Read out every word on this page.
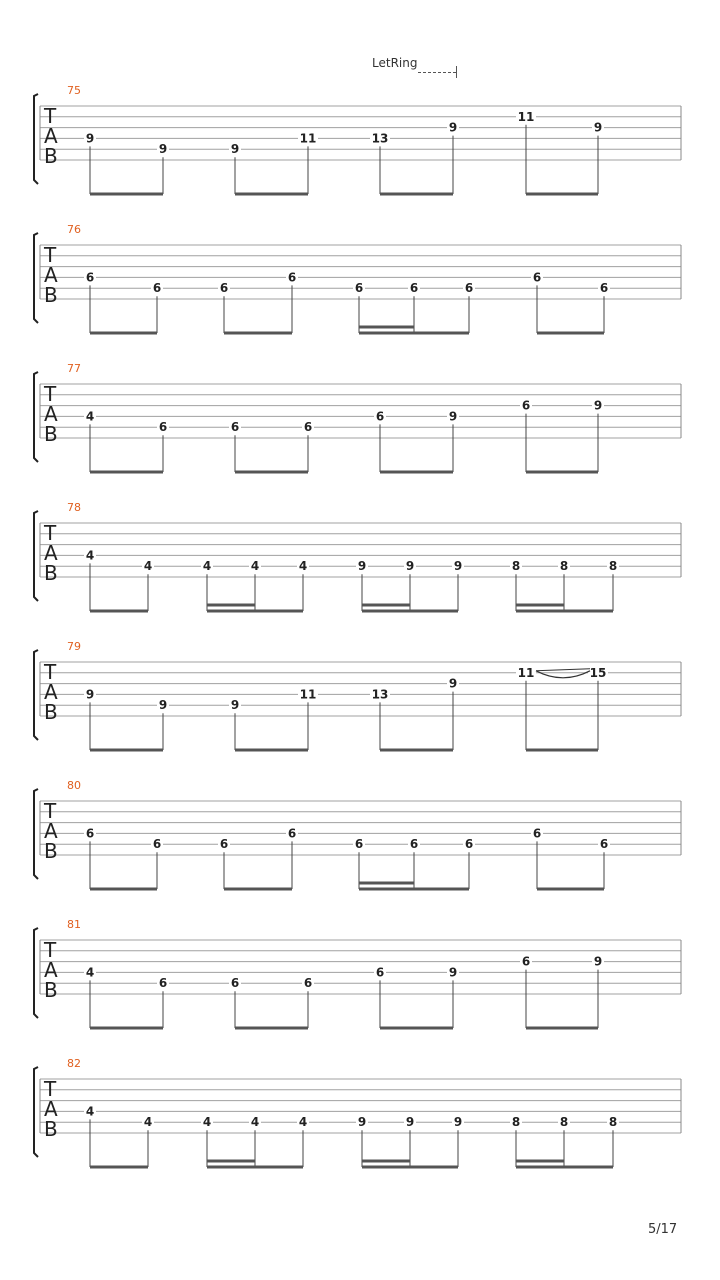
LetRing
75
T
A
B
9
9	9
11	13
9
11
9
76
T
A
B
6
6	6
6
6	6	6
6
6
77
T
A
B
4
6	6	6
6	9
6	9
78
T
A
B
4
4	4	4	4	9	9	9	8	8	8
79
T
A
B
9
9	9
11	13
9
11	15
80
T
A
B
6
6	6
6
6	6	6
6
6
81
T
A
B
4
6	6	6
6	9
6	9
82
T
A
B
4
4	4	4	4	9	9	9	8	8	8
5/17
